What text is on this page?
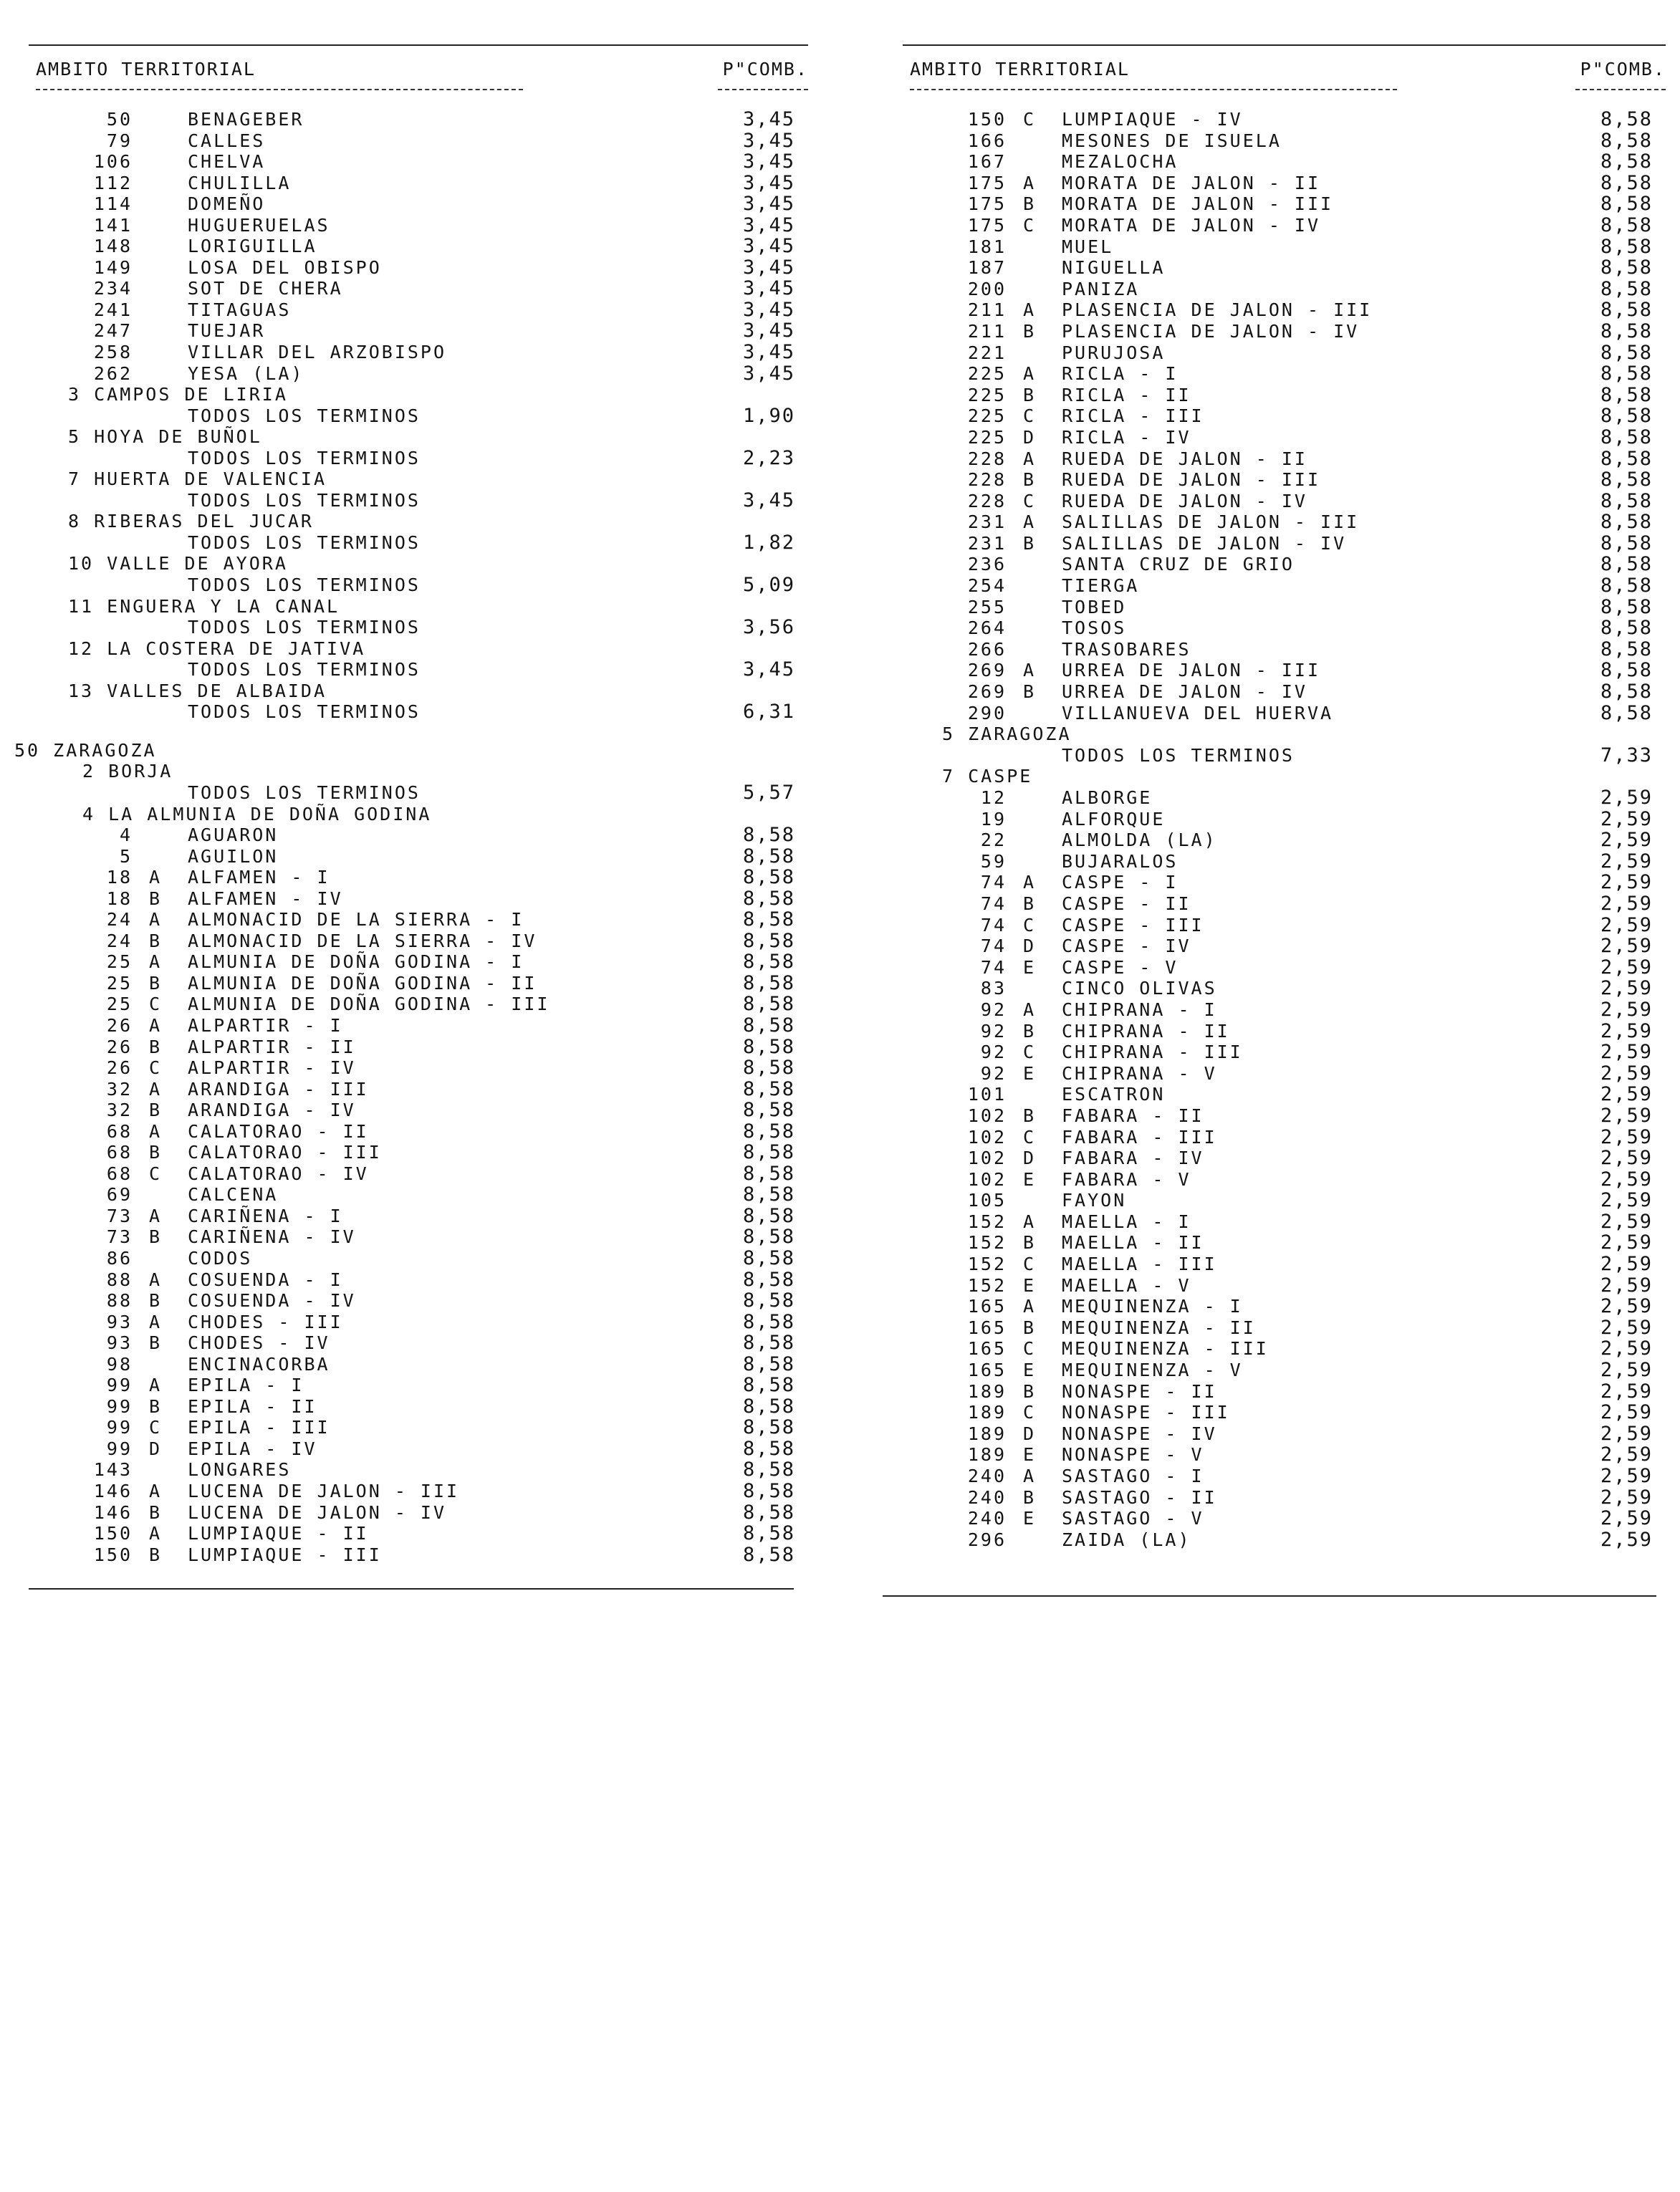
AMBITO TERRITORIAL

	P"COMB.

50	BENAGEBER	3,45
79	CALLES	3,45
106	CHELVA	3,45
112	CHULILLA	3,45
114	DOMEÑO	3,45
141	HUGUERUELAS	3,45
148	LORIGUILLA	3,45
149	LOSA DEL OBISPO	3,45
234	SOT DE CHERA	3,45
241	TITAGUAS	3,45
247	TUEJAR	3,45
258	VILLAR DEL ARZOBISPO	3,45
262	YESA (LA)	3,45
3 CAMPOS DE LIRIA
TODOS LOS TERMINOS	1,90
5 HOYA DE BUÑOL
TODOS LOS TERMINOS	2,23
7 HUERTA DE VALENCIA
TODOS LOS TERMINOS	3,45
8 RIBERAS DEL JUCAR
TODOS LOS TERMINOS	1,82
10 VALLE DE AYORA
TODOS LOS TERMINOS	5,09
11 ENGUERA Y LA CANAL
TODOS LOS TERMINOS	3,56
12 LA COSTERA DE JATIVA
TODOS LOS TERMINOS	3,45
13 VALLES DE ALBAIDA
TODOS LOS TERMINOS	6,31
50 ZARAGOZA
2 BORJA
TODOS LOS TERMINOS	5,57
4 LA ALMUNIA DE DOÑA GODINA
4	AGUARON	8,58
5	AGUILON	8,58
18 A ALFAMEN - I	8,58
18 B ALFAMEN - IV	8,58
24 A ALMONACID DE LA SIERRA - I	8,58
24 B ALMONACID DE LA SIERRA - IV	8,58
25 A ALMUNIA DE DOÑA GODINA - I	8,58
25 B ALMUNIA DE DOÑA GODINA - II	8,58
25 C ALMUNIA DE DOÑA GODINA - III	8,58
26 A ALPARTIR - I	8,58
26 B ALPARTIR - II	8,58
26 C ALPARTIR - IV	8,58
32 A ARANDIGA - III	8,58
32 B ARANDIGA - IV	8,58
68 A CALATORAO - II	8,58
68 B CALATORAO - III	8,58
68 C CALATORAO - IV	8,58
69	CALCENA	8,58
73 A CARIÑENA - I	8,58
73 B CARIÑENA - IV	8,58
86	CODOS	8,58
88 A COSUENDA - I	8,58
88 B COSUENDA - IV	8,58
93 A CHODES - III	8,58
93 B CHODES - IV	8,58
98	ENCINACORBA	8,58
99 A EPILA - I	8,58
99 B EPILA - II	8,58
99 C EPILA - III	8,58
99 D EPILA - IV	8,58
143	LONGARES	8,58
146 A LUCENA DE JALON - III	8,58
146 B LUCENA DE JALON - IV	8,58
150 A LUMPIAQUE - II	8,58
150 B LUMPIAQUE - III	8,58

AMBITO TERRITORIAL

	P"COMB.

150 C LUMPIAQUE - IV	8,58
166	MESONES DE ISUELA	8,58
167	MEZALOCHA	8,58
175 A MORATA DE JALON - II	8,58
175 B MORATA DE JALON - III	8,58
175 C MORATA DE JALON - IV	8,58
181	MUEL	8,58
187	NIGUELLA	8,58
200	PANIZA	8,58
211 A PLASENCIA DE JALON - III	8,58
211 B PLASENCIA DE JALON - IV	8,58
221	PURUJOSA	8,58
225 A RICLA - I	8,58
225 B RICLA - II	8,58
225 C RICLA - III	8,58
225 D RICLA - IV	8,58
228 A RUEDA DE JALON - II	8,58
228 B RUEDA DE JALON - III	8,58
228 C RUEDA DE JALON - IV	8,58
231 A SALILLAS DE JALON - III	8,58
231 B SALILLAS DE JALON - IV	8,58
236	SANTA CRUZ DE GRIO	8,58
254	TIERGA	8,58
255	TOBED	8,58
264	TOSOS	8,58
266	TRASOBARES	8,58
269 A URREA DE JALON - III	8,58
269 B URREA DE JALON - IV	8,58
290	VILLANUEVA DEL HUERVA	8,58
5 ZARAGOZA
TODOS LOS TERMINOS	7,33
7 CASPE
12	ALBORGE	2,59
19	ALFORQUE	2,59
22	ALMOLDA (LA)	2,59
59	BUJARALOS	2,59
74 A CASPE - I	2,59
74 B CASPE - II	2,59
74 C CASPE - III	2,59
74 D CASPE - IV	2,59
74 E CASPE - V	2,59
83	CINCO OLIVAS	2,59
92 A CHIPRANA - I	2,59
92 B CHIPRANA - II	2,59
92 C CHIPRANA - III	2,59
92 E CHIPRANA - V	2,59
101	ESCATRON	2,59
102 B FABARA - II	2,59
102 C FABARA - III	2,59
102 D FABARA - IV	2,59
102 E FABARA - V	2,59
105	FAYON	2,59
152 A MAELLA - I	2,59
152 B MAELLA - II	2,59
152 C MAELLA - III	2,59
152 E MAELLA - V	2,59
165 A MEQUINENZA - I	2,59
165 B MEQUINENZA - II	2,59
165 C MEQUINENZA - III	2,59
165 E MEQUINENZA - V	2,59
189 B NONASPE - II	2,59
189 C NONASPE - III	2,59
189 D NONASPE - IV	2,59
189 E NONASPE - V	2,59
240 A SASTAGO - I	2,59
240 B SASTAGO - II	2,59
240 E SASTAGO - V	2,59
296	ZAIDA (LA)	2,59
